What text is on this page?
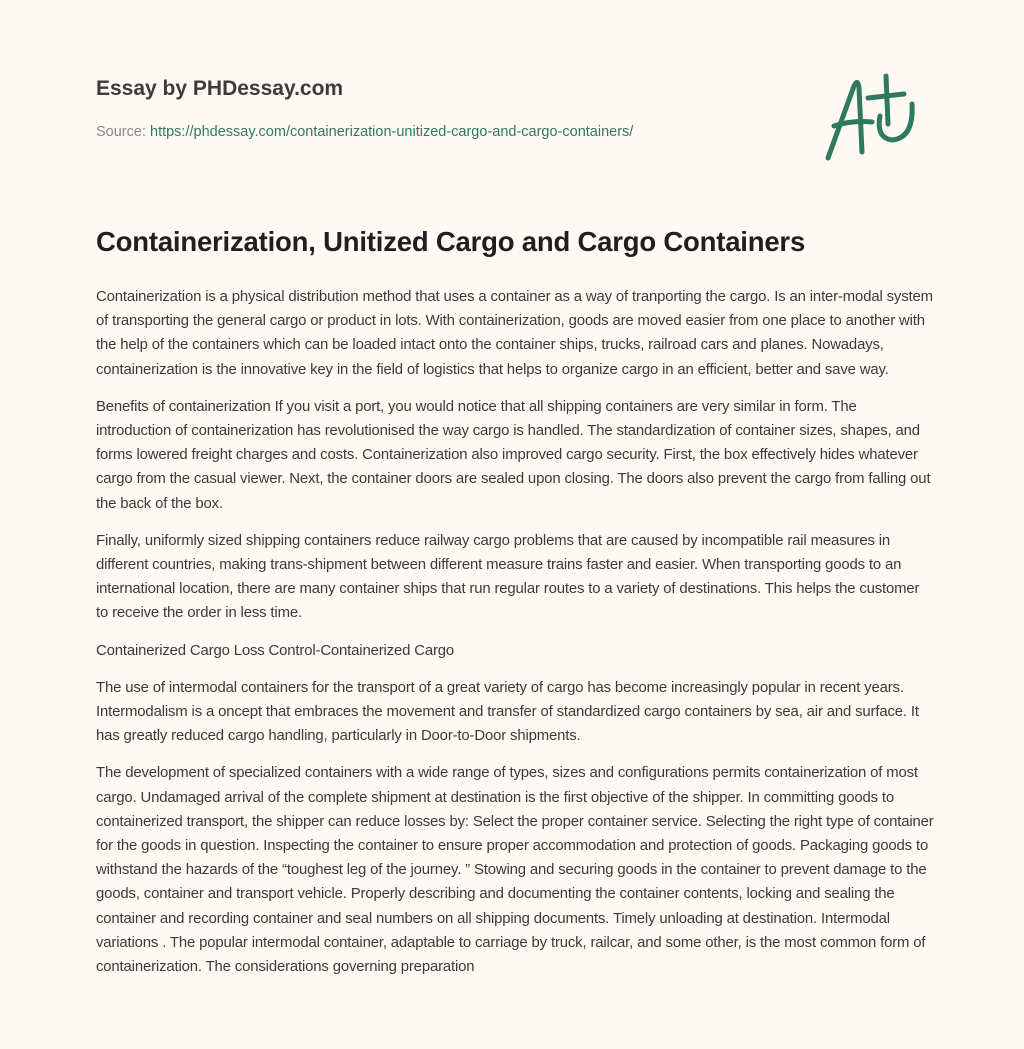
Essay by PHDessay.com
Source: https://phdessay.com/containerization-unitized-cargo-and-cargo-containers/
Containerization, Unitized Cargo and Cargo Containers

Containerization is a physical distribution method that uses a container as a way of tranporting the cargo. Is an inter-modal system of transporting the general cargo or product in lots. With containerization, goods are moved easier from one place to another with the help of the containers which can be loaded intact onto the container ships, trucks, railroad cars and planes. Nowadays, containerization is the innovative key in the field of logistics that helps to organize cargo in an efficient, better and save way.

Benefits of containerization If you visit a port, you would notice that all shipping containers are very similar in form. The introduction of containerization has revolutionised the way cargo is handled. The standardization of container sizes, shapes, and forms lowered freight charges and costs. Containerization also improved cargo security. First, the box effectively hides whatever cargo from the casual viewer. Next, the container doors are sealed upon closing. The doors also prevent the cargo from falling out the back of the box.

Finally, uniformly sized shipping containers reduce railway cargo problems that are caused by incompatible rail measures in different countries, making trans-shipment between different measure trains faster and easier. When transporting goods to an international location, there are many container ships that run regular routes to a variety of destinations. This helps the customer to receive the order in less time.

Containerized Cargo Loss Control-Containerized Cargo

The use of intermodal containers for the transport of a great variety of cargo has become increasingly popular in recent years. Intermodalism is a oncept that embraces the movement and transfer of standardized cargo containers by sea, air and surface. It has greatly reduced cargo handling, particularly in Door-to-Door shipments.

The development of specialized containers with a wide range of types, sizes and configurations permits containerization of most cargo. Undamaged arrival of the complete shipment at destination is the first objective of the shipper. In committing goods to containerized transport, the shipper can reduce losses by: Select the proper container service. Selecting the right type of container for the goods in question. Inspecting the container to ensure proper accommodation and protection of goods. Packaging goods to withstand the hazards of the “toughest leg of the journey. ” Stowing and securing goods in the container to prevent damage to the goods, container and transport vehicle. Properly describing and documenting the container contents, locking and sealing the container and recording container and seal numbers on all shipping documents. Timely unloading at destination. Intermodal variations . The popular intermodal container, adaptable to carriage by truck, railcar, and some other, is the most common form of containerization. The considerations governing preparation
